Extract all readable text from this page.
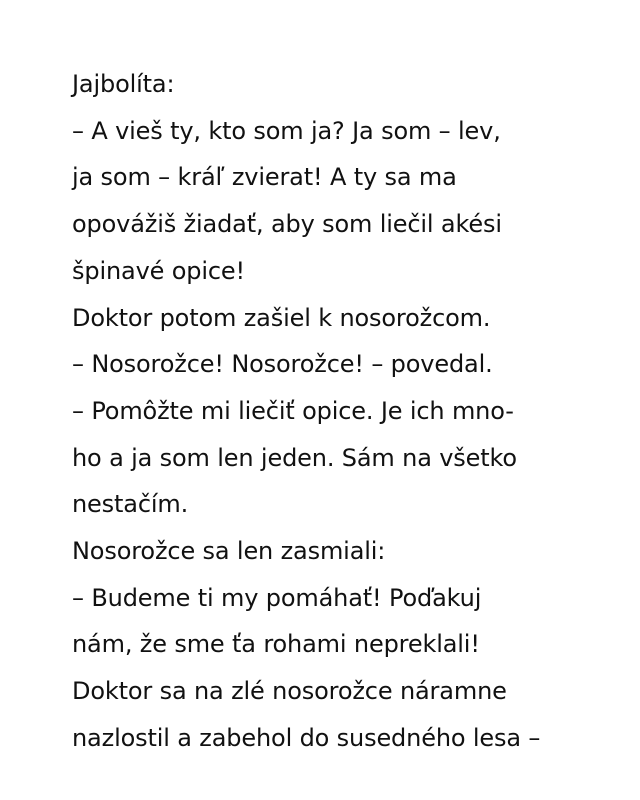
Jajbolíta:
– A vieš ty, kto som ja? Ja som – lev,
ja som – kráľ zvierat! A ty sa ma
opovážiš žiadať, aby som liečil akési
špinavé opice!
Doktor potom zašiel k nosorožcom.
– Nosorožce! Nosorožce! – povedal.
– Pomôžte mi liečiť opice. Je ich mno-
ho a ja som len jeden. Sám na všetko
nestačím.
Nosorožce sa len zasmiali:
– Budeme ti my pomáhať! Poďakuj
nám, že sme ťa rohami nepreklali!
Doktor sa na zlé nosorožce náramne
nazlostil a zabehol do susedného lesa –
